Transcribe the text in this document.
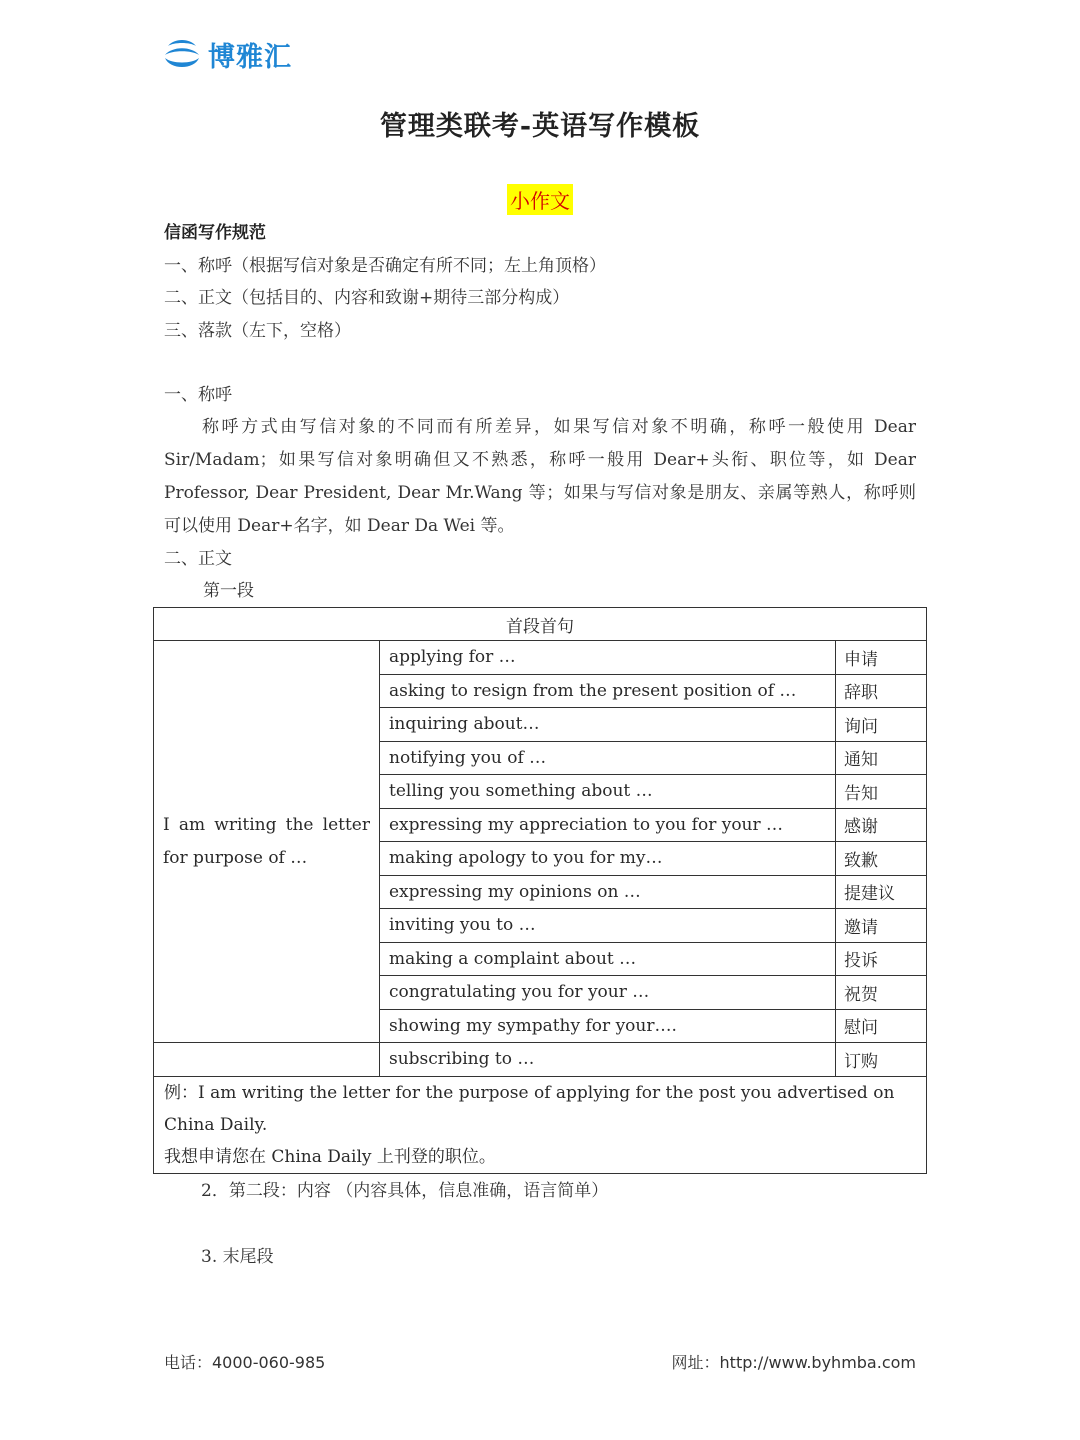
博雅汇
管理类联考-英语写作模板
小作文
信函写作规范
一、称呼（根据写信对象是否确定有所不同；左上角顶格）
二、正文（包括目的、内容和致谢+期待三部分构成）
三、落款（左下，空格）
一、称呼
称呼方式由写信对象的不同而有所差异，如果写信对象不明确，称呼一般使用 Dear Sir/Madam；如果写信对象明确但又不熟悉，称呼一般用 Dear+头衔、职位等，如 Dear Professor, Dear President, Dear Mr.Wang 等；如果与写信对象是朋友、亲属等熟人，称呼则可以使用 Dear+名字，如 Dear Da Wei 等。
二、正文
第一段
首段首句		
I am writing the letter for purpose of …	applying for …	申请
	asking to resign from the present position of …	辞职
	inquiring about…	询问
	notifying you of …	通知
	telling you something about …	告知
	expressing my appreciation to you for your …	感谢
	making apology to you for my…	致歉
	expressing my opinions on …	提建议
	inviting you to …	邀请
	making a complaint about …	投诉
	congratulating you for your …	祝贺
	showing my sympathy for your….	慰问
	subscribing to …	订购

例：I am writing the letter for the purpose of applying for the post you advertised on China Daily.
我想申请您在 China Daily 上刊登的职位。		
2．第二段：内容 （内容具体，信息准确，语言简单）
3. 末尾段
电话：4000-060-985	网址：http://www.byhmba.com
